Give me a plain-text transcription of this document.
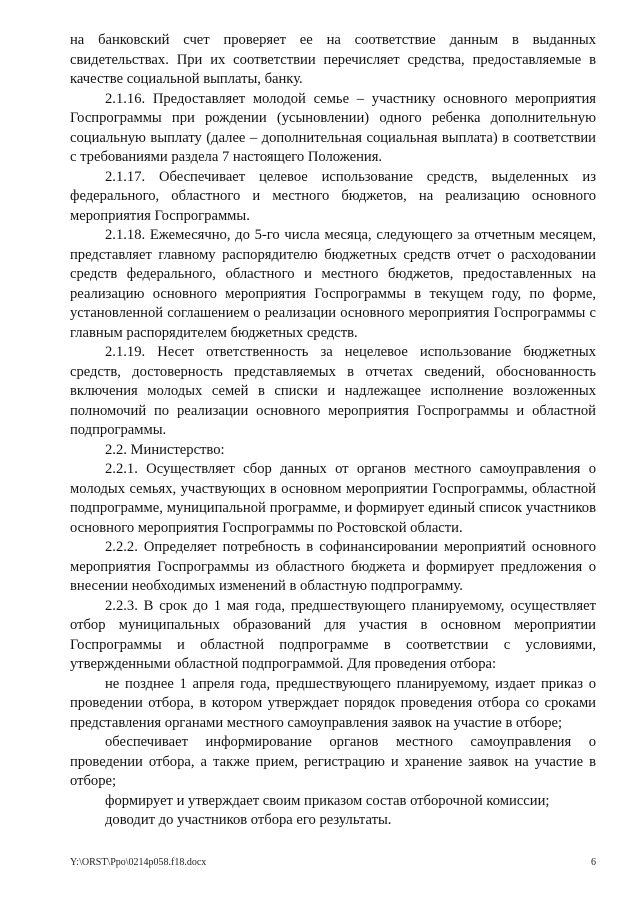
на банковский счет проверяет ее на соответствие данным в выданных свидетельствах. При их соответствии перечисляет средства, предоставляемые в качестве социальной выплаты, банку.

2.1.16. Предоставляет молодой семье – участнику основного мероприятия Госпрограммы при рождении (усыновлении) одного ребенка дополнительную социальную выплату (далее – дополнительная социальная выплата) в соответствии с требованиями раздела 7 настоящего Положения.

2.1.17. Обеспечивает целевое использование средств, выделенных из федерального, областного и местного бюджетов, на реализацию основного мероприятия Госпрограммы.

2.1.18. Ежемесячно, до 5-го числа месяца, следующего за отчетным месяцем, представляет главному распорядителю бюджетных средств отчет о расходовании средств федерального, областного и местного бюджетов, предоставленных на реализацию основного мероприятия Госпрограммы в текущем году, по форме, установленной соглашением о реализации основного мероприятия Госпрограммы с главным распорядителем бюджетных средств.

2.1.19. Несет ответственность за нецелевое использование бюджетных средств, достоверность представляемых в отчетах сведений, обоснованность включения молодых семей в списки и надлежащее исполнение возложенных полномочий по реализации основного мероприятия Госпрограммы и областной подпрограммы.

2.2. Министерство:

2.2.1. Осуществляет сбор данных от органов местного самоуправления о молодых семьях, участвующих в основном мероприятии Госпрограммы, областной подпрограмме, муниципальной программе, и формирует единый список участников основного мероприятия Госпрограммы по Ростовской области.

2.2.2. Определяет потребность в софинансировании мероприятий основного мероприятия Госпрограммы из областного бюджета и формирует предложения о внесении необходимых изменений в областную подпрограмму.

2.2.3. В срок до 1 мая года, предшествующего планируемому, осуществляет отбор муниципальных образований для участия в основном мероприятии Госпрограммы и областной подпрограмме в соответствии с условиями, утвержденными областной подпрограммой. Для проведения отбора:

не позднее 1 апреля года, предшествующего планируемому, издает приказ о проведении отбора, в котором утверждает порядок проведения отбора со сроками представления органами местного самоуправления заявок на участие в отборе;

обеспечивает информирование органов местного самоуправления о проведении отбора, а также прием, регистрацию и хранение заявок на участие в отборе;

формирует и утверждает своим приказом состав отборочной комиссии;

доводит до участников отбора его результаты.

Y:\ORST\Ppo\0214p058.f18.docx	6
